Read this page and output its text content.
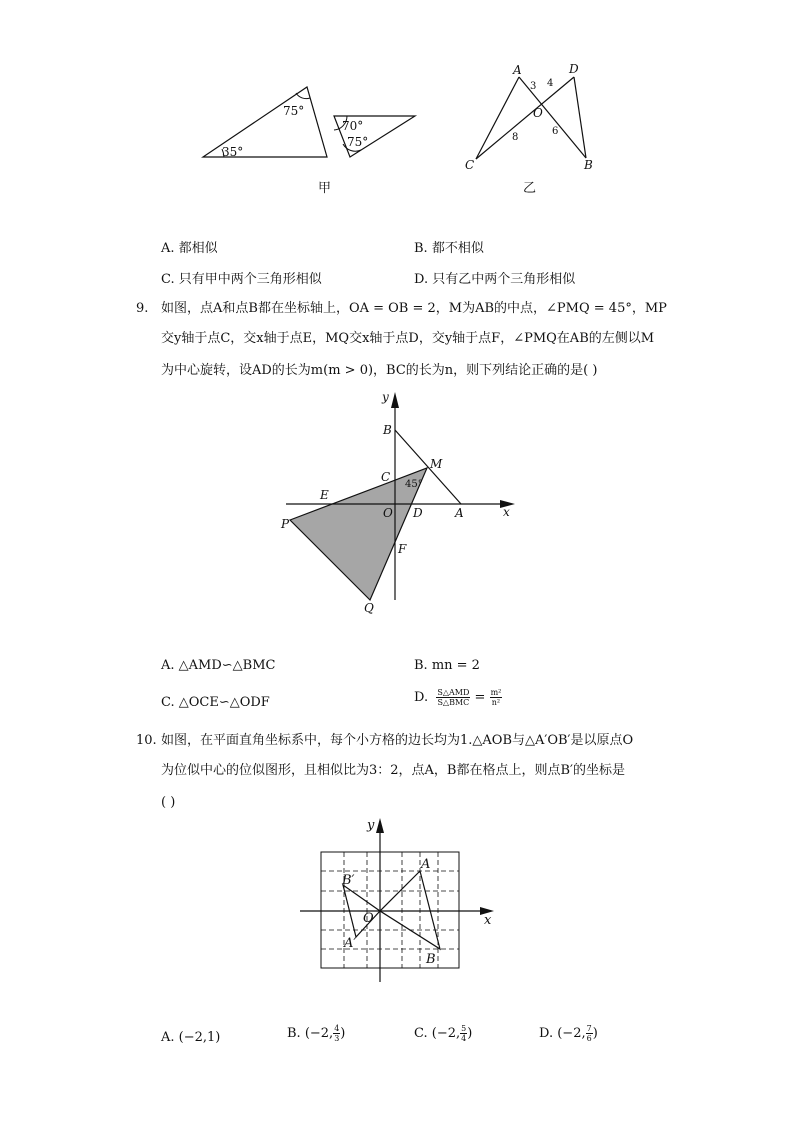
75°
35°
70°
75°
甲
A	D
O
C	B
3 4
8
6
乙
A. 都相似	B. 都不相似
C. 只有甲中两个三角形相似	D. 只有乙中两个三角形相似
9. 如图，点A和点B都在坐标轴上，OA = OB = 2，M为AB的中点，∠PMQ = 45°，MP
交y轴于点C，交x轴于点E，MQ交x轴于点D，交y轴于点F，∠PMQ在AB的左侧以M
为中心旋转，设AD的长为m(m > 0)，BC的长为n，则下列结论正确的是( )
y
x
B
M
C
45°
E
O D	A
P
F
Q
A. △AMD∽△BMC	B. mn = 2
C. △OCE∽△ODF	D. $\frac{\text{S△AMD}}{\text{S△BMC}} = \frac{\text{m²}}{\text{n²}}$
10. 如图，在平面直角坐标系中，每个小方格的边长均为1.△AOB与△A′OB′是以原点O
为位似中心的位似图形，且相似比为3：2，点A，B都在格点上，则点B′的坐标是
( )
y
x
A
B
O
A′
B′
A. (−2,1)	B. (−2, $\frac{4}{3}$ )	C. (−2, $\frac{5}{4}$ )	D. (−2, $\frac{7}{6}$ )
